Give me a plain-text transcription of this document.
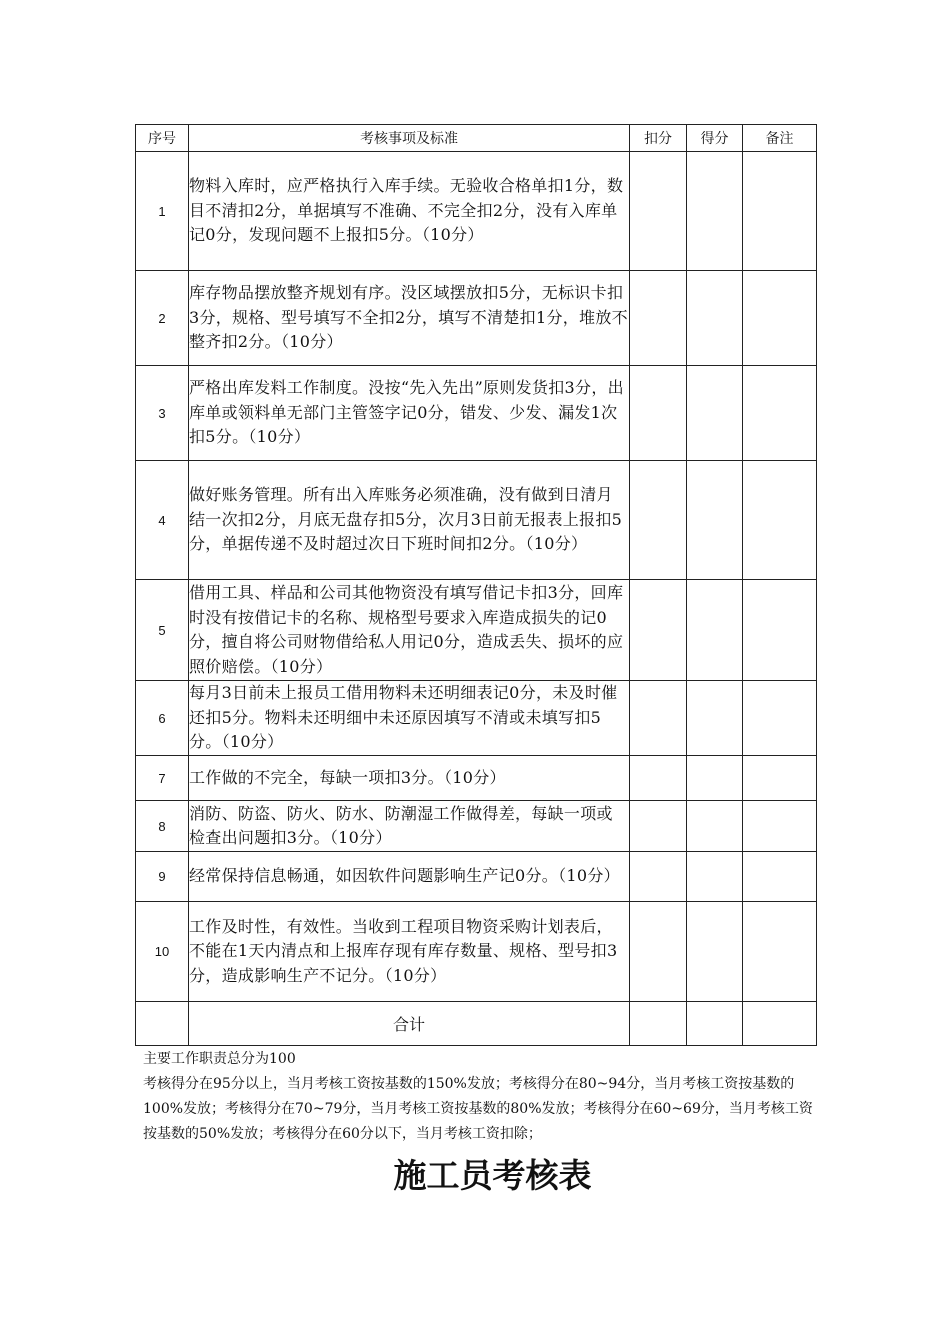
序号	考核事项及标准	扣分	得分	备注
1	物料入库时，应严格执行入库手续。无验收合格单扣1分，数目不清扣2分，单据填写不准确、不完全扣2分，没有入库单记0分，发现问题不上报扣5分。（10分）			
2	库存物品摆放整齐规划有序。没区域摆放扣5分，无标识卡扣3分，规格、型号填写不全扣2分，填写不清楚扣1分，堆放不整齐扣2分。（10分）			
3	严格出库发料工作制度。没按“先入先出”原则发货扣3分，出库单或领料单无部门主管签字记0分，错发、少发、漏发1次扣5分。（10分）			
4	做好账务管理。所有出入库账务必须准确，没有做到日清月结一次扣2分，月底无盘存扣5分，次月3日前无报表上报扣5分，单据传递不及时超过次日下班时间扣2分。（10分）			
5	借用工具、样品和公司其他物资没有填写借记卡扣3分，回库时没有按借记卡的名称、规格型号要求入库造成损失的记0分，擅自将公司财物借给私人用记0分，造成丢失、损坏的应照价赔偿。（10分）			
6	每月3日前未上报员工借用物料未还明细表记0分，未及时催还扣5分。物料未还明细中未还原因填写不清或未填写扣5分。（10分）			
7	工作做的不完全，每缺一项扣3分。（10分）			
8	消防、防盗、防火、防水、防潮湿工作做得差，每缺一项或检查出问题扣3分。（10分）			
9	经常保持信息畅通，如因软件问题影响生产记0分。（10分）			
10	工作及时性，有效性。当收到工程项目物资采购计划表后，不能在1天内清点和上报库存现有库存数量、规格、型号扣3分，造成影响生产不记分。（10分）			
	合计			

主要工作职责总分为100

考核得分在95分以上，当月考核工资按基数的150%发放；考核得分在80~94分，当月考核工资按基数的100%发放；考核得分在70~79分，当月考核工资按基数的80%发放；考核得分在60~69分，当月考核工资按基数的50%发放；考核得分在60分以下，当月考核工资扣除；

施工员考核表
